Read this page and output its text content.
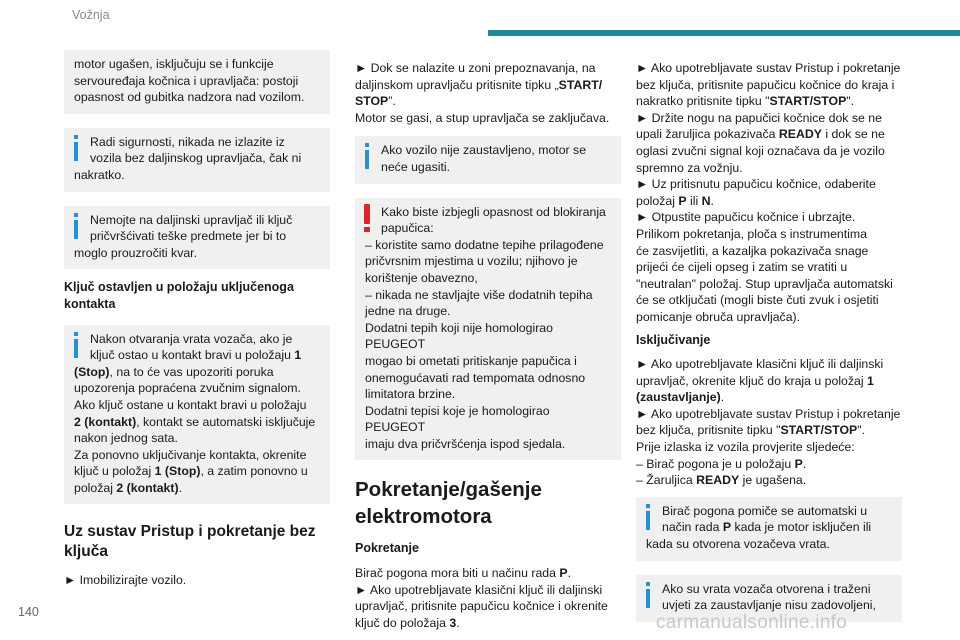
Vožnja

motor ugašen, isključuju se i funkcije

servouređaja kočnica i upravljača: postoji

opasnost od gubitka nadzora nad vozilom.

Radi sigurnosti, nikada ne izlazite iz

vozila bez daljinskog upravljača, čak ni

nakratko.

Nemojte na daljinski upravljač ili ključ

pričvršćivati teške predmete jer bi to

moglo prouzročiti kvar.

Ključ ostavljen u položaju uključenoga
kontakta

Nakon otvaranja vrata vozača, ako je

ključ ostao u kontakt bravi u položaju 1

(Stop), na to će vas upozoriti poruka

upozorenja popraćena zvučnim signalom.

Ako ključ ostane u kontakt bravi u položaju

2 (kontakt), kontakt se automatski isključuje

nakon jednog sata.

Za ponovno uključivanje kontakta, okrenite

ključ u položaj 1 (Stop), a zatim ponovno u

položaj 2 (kontakt).

Uz sustav Pristup i pokretanje bez
ključa

► Imobilizirajte vozilo.

► Dok se nalazite u zoni prepoznavanja, na

daljinskom upravljaču pritisnite tipku „START/

STOP”.

Motor se gasi, a stup upravljača se zaključava.

Ako vozilo nije zaustavljeno, motor se

neće ugasiti.

Kako biste izbjegli opasnost od blokiranja

papučica:

– koristite samo dodatne tepihe prilagođene

pričvrsnim mjestima u vozilu; njihovo je

korištenje obavezno,

– nikada ne stavljajte više dodatnih tepiha

jedne na druge.

Dodatni tepih koji nije homologirao PEUGEOT

mogao bi ometati pritiskanje papučica i

onemogućavati rad tempomata odnosno

limitatora brzine.

Dodatni tepisi koje je homologirao PEUGEOT

imaju dva pričvršćenja ispod sjedala.

Pokretanje/gašenje
elektromotora
Pokretanje

Birač pogona mora biti u načinu rada P.

► Ako upotrebljavate klasični ključ ili daljinski

upravljač, pritisnite papučicu kočnice i okrenite

ključ do položaja 3.

► Ako upotrebljavate sustav Pristup i pokretanje

bez ključa, pritisnite papučicu kočnice do kraja i

nakratko pritisnite tipku "START/STOP".

► Držite nogu na papučici kočnice dok se ne

upali žaruljica pokazivača READY i dok se ne

oglasi zvučni signal koji označava da je vozilo

spremno za vožnju.

► Uz pritisnutu papučicu kočnice, odaberite

položaj P ili N.

► Otpustite papučicu kočnice i ubrzajte.

Prilikom pokretanja, ploča s instrumentima

će zasvijetliti, a kazaljka pokazivača snage

prijeći će cijeli opseg i zatim se vratiti u

"neutralan" položaj. Stup upravljača automatski

će se otključati (mogli biste čuti zvuk i osjetiti

pomicanje obruča upravljača).

Isključivanje

► Ako upotrebljavate klasični ključ ili daljinski

upravljač, okrenite ključ do kraja u položaj 1

(zaustavljanje).

► Ako upotrebljavate sustav Pristup i pokretanje

bez ključa, pritisnite tipku "START/STOP".

Prije izlaska iz vozila provjerite sljedeće:

– Birač pogona je u položaju P.

– Žaruljica READY je ugašena.

Birač pogona pomiče se automatski u

način rada P kada je motor isključen ili

kada su otvorena vozačeva vrata.

Ako su vrata vozača otvorena i traženi

uvjeti za zaustavljanje nisu zadovoljeni,

140	carmanualsonline.info
